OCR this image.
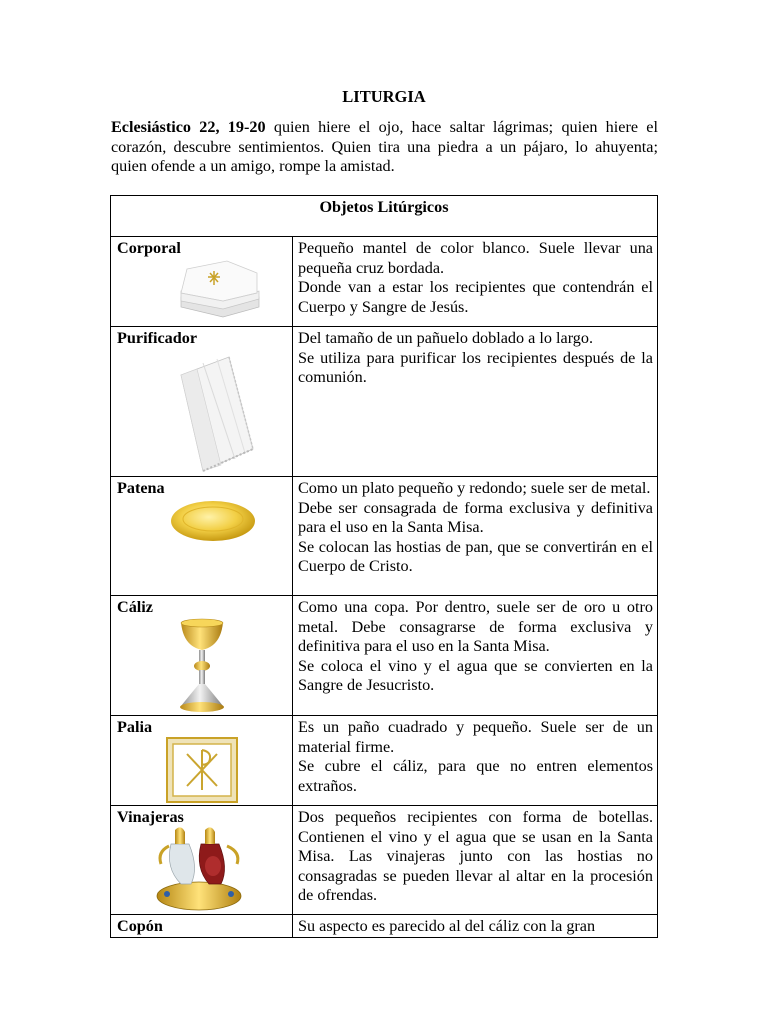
LITURGIA
Eclesiástico 22, 19-20 quien hiere el ojo, hace saltar lágrimas; quien hiere el corazón, descubre sentimientos. Quien tira una piedra a un pájaro, lo ahuyenta; quien ofende a un amigo, rompe la amistad.
Objetos Litúrgicos	
Corporal	Pequeño mantel de color blanco. Suele llevar una pequeña cruz bordada.

Donde van a estar los recipientes que contendrán el Cuerpo y Sangre de Jesús.

Purificador	Del tamaño de un pañuelo doblado a lo largo.

Se utiliza para purificar los recipientes después de la comunión.

Patena	Como un plato pequeño y redondo; suele ser de metal.

Debe ser consagrada de forma exclusiva y definitiva para el uso en la Santa Misa.

Se colocan las hostias de pan, que se convertirán en el Cuerpo de Cristo.

Cáliz	Como una copa. Por dentro, suele ser de oro u otro metal. Debe consagrarse de forma exclusiva y definitiva para el uso en la Santa Misa.

Se coloca el vino y el agua que se convierten en la Sangre de Jesucristo.

Palia	Es un paño cuadrado y pequeño. Suele ser de un material firme.

Se cubre el cáliz, para que no entren elementos extraños.

Vinajeras	Dos pequeños recipientes con forma de botellas. Contienen el vino y el agua que se usan en la Santa Misa. Las vinajeras junto con las hostias no consagradas se pueden llevar al altar en la procesión de ofrendas.

Copón	Su aspecto es parecido al del cáliz con la gran
